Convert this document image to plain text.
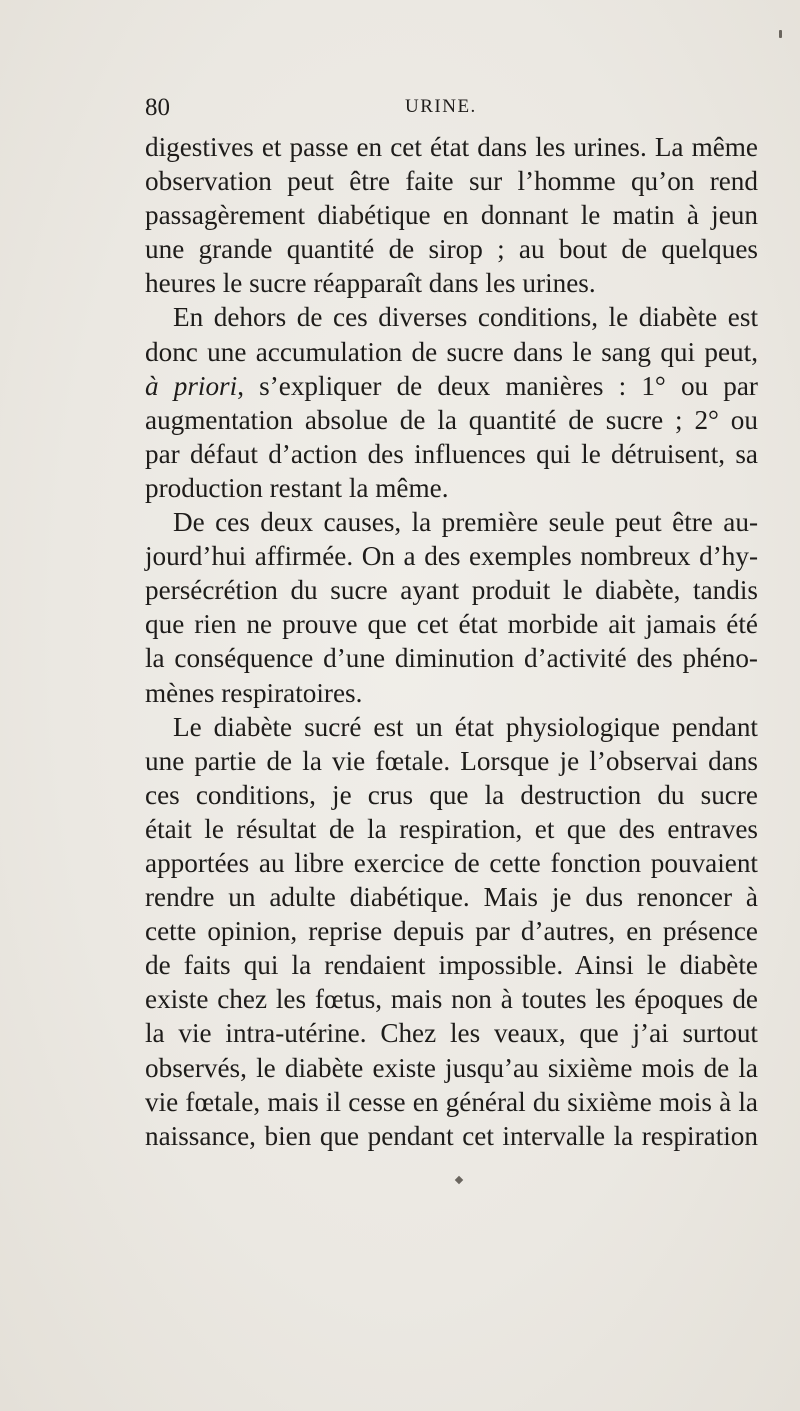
80	URINE.
digestives et passe en cet état dans les urines. La même
observation peut être faite sur l’homme qu’on rend
passagèrement diabétique en donnant le matin à jeun
une grande quantité de sirop ; au bout de quelques
heures le sucre réapparaît dans les urines.
En dehors de ces diverses conditions, le diabète est
donc une accumulation de sucre dans le sang qui peut,
à priori, s’expliquer de deux manières : 1° ou par
augmentation absolue de la quantité de sucre ; 2° ou
par défaut d’action des influences qui le détruisent, sa
production restant la même.
De ces deux causes, la première seule peut être au-
jourd’hui affirmée. On a des exemples nombreux d’hy-
persécrétion du sucre ayant produit le diabète, tandis
que rien ne prouve que cet état morbide ait jamais été
la conséquence d’une diminution d’activité des phéno-
mènes respiratoires.
Le diabète sucré est un état physiologique pendant
une partie de la vie fœtale. Lorsque je l’observai dans
ces conditions, je crus que la destruction du sucre
était le résultat de la respiration, et que des entraves
apportées au libre exercice de cette fonction pouvaient
rendre un adulte diabétique. Mais je dus renoncer à
cette opinion, reprise depuis par d’autres, en présence
de faits qui la rendaient impossible. Ainsi le diabète
existe chez les fœtus, mais non à toutes les époques de
la vie intra-utérine. Chez les veaux, que j’ai surtout
observés, le diabète existe jusqu’au sixième mois de la
vie fœtale, mais il cesse en général du sixième mois à la
naissance, bien que pendant cet intervalle la respiration
